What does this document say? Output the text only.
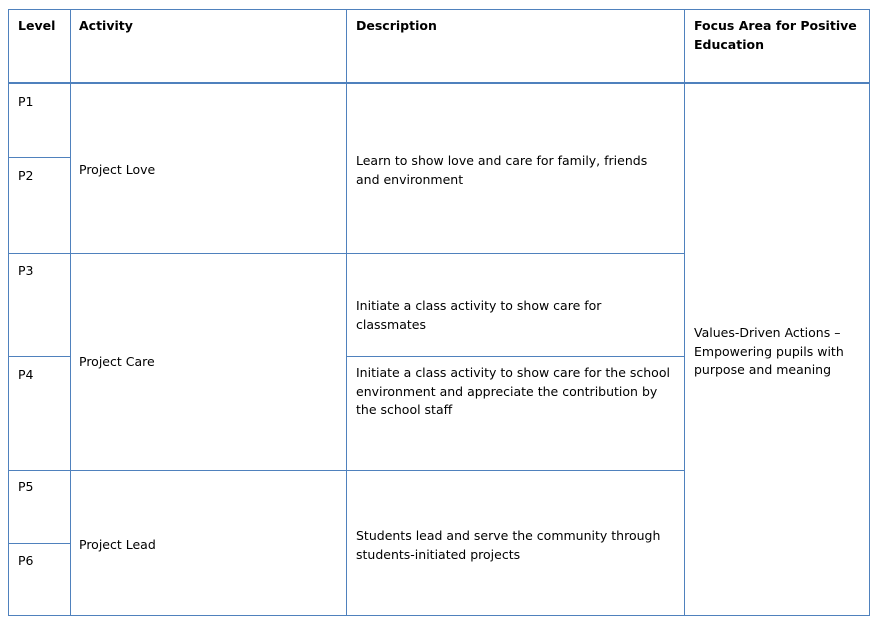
Level Activity	Description	Focus Area for Positive Education
P1
P2
P3
P4
P5
P6
Project Love
Project Care
Project Lead
Learn to show love and care for family, friends and environment
Initiate a class activity to show care for classmates
Initiate a class activity to show care for the school environment and appreciate the contribution by the school staff
Students lead and serve the community through students-initiated projects
Values-Driven Actions – Empowering pupils with purpose and meaning
